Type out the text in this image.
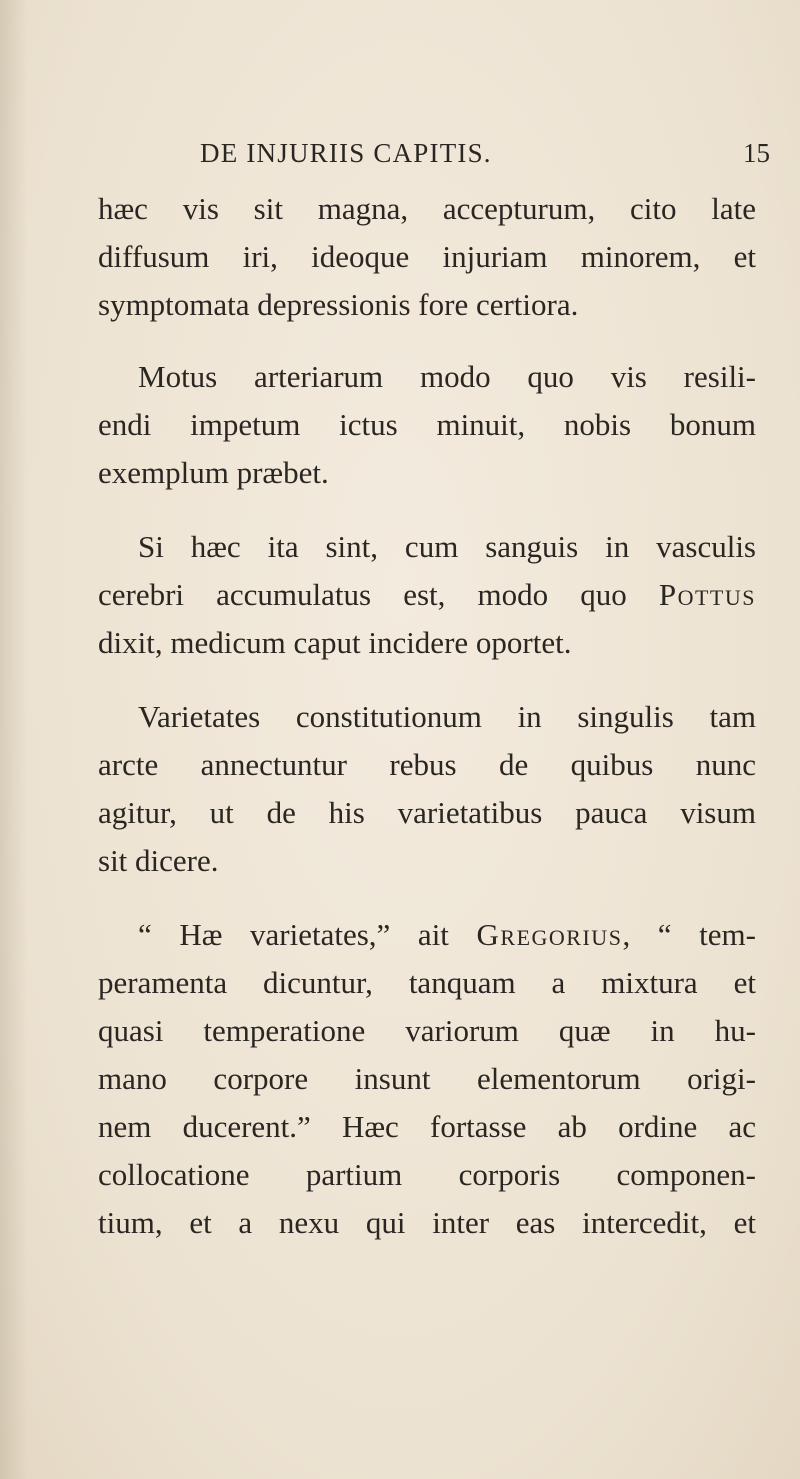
DE INJURIIS CAPITIS.	15
hæc vis sit magna, accepturum, cito late
diffusum iri, ideoque injuriam minorem, et
symptomata depressionis fore certiora.
Motus arteriarum modo quo vis resili-
endi impetum ictus minuit, nobis bonum
exemplum præbet.
Si hæc ita sint, cum sanguis in vasculis
cerebri accumulatus est, modo quo Pottus
dixit, medicum caput incidere oportet.
Varietates constitutionum in singulis tam
arcte annectuntur rebus de quibus nunc
agitur, ut de his varietatibus pauca visum
sit dicere.
“ Hæ varietates,” ait Gregorius, “ tem-
peramenta dicuntur, tanquam a mixtura et
quasi temperatione variorum quæ in hu-
mano corpore insunt elementorum origi-
nem ducerent.” Hæc fortasse ab ordine ac
collocatione partium corporis componen-
tium, et a nexu qui inter eas intercedit, et
